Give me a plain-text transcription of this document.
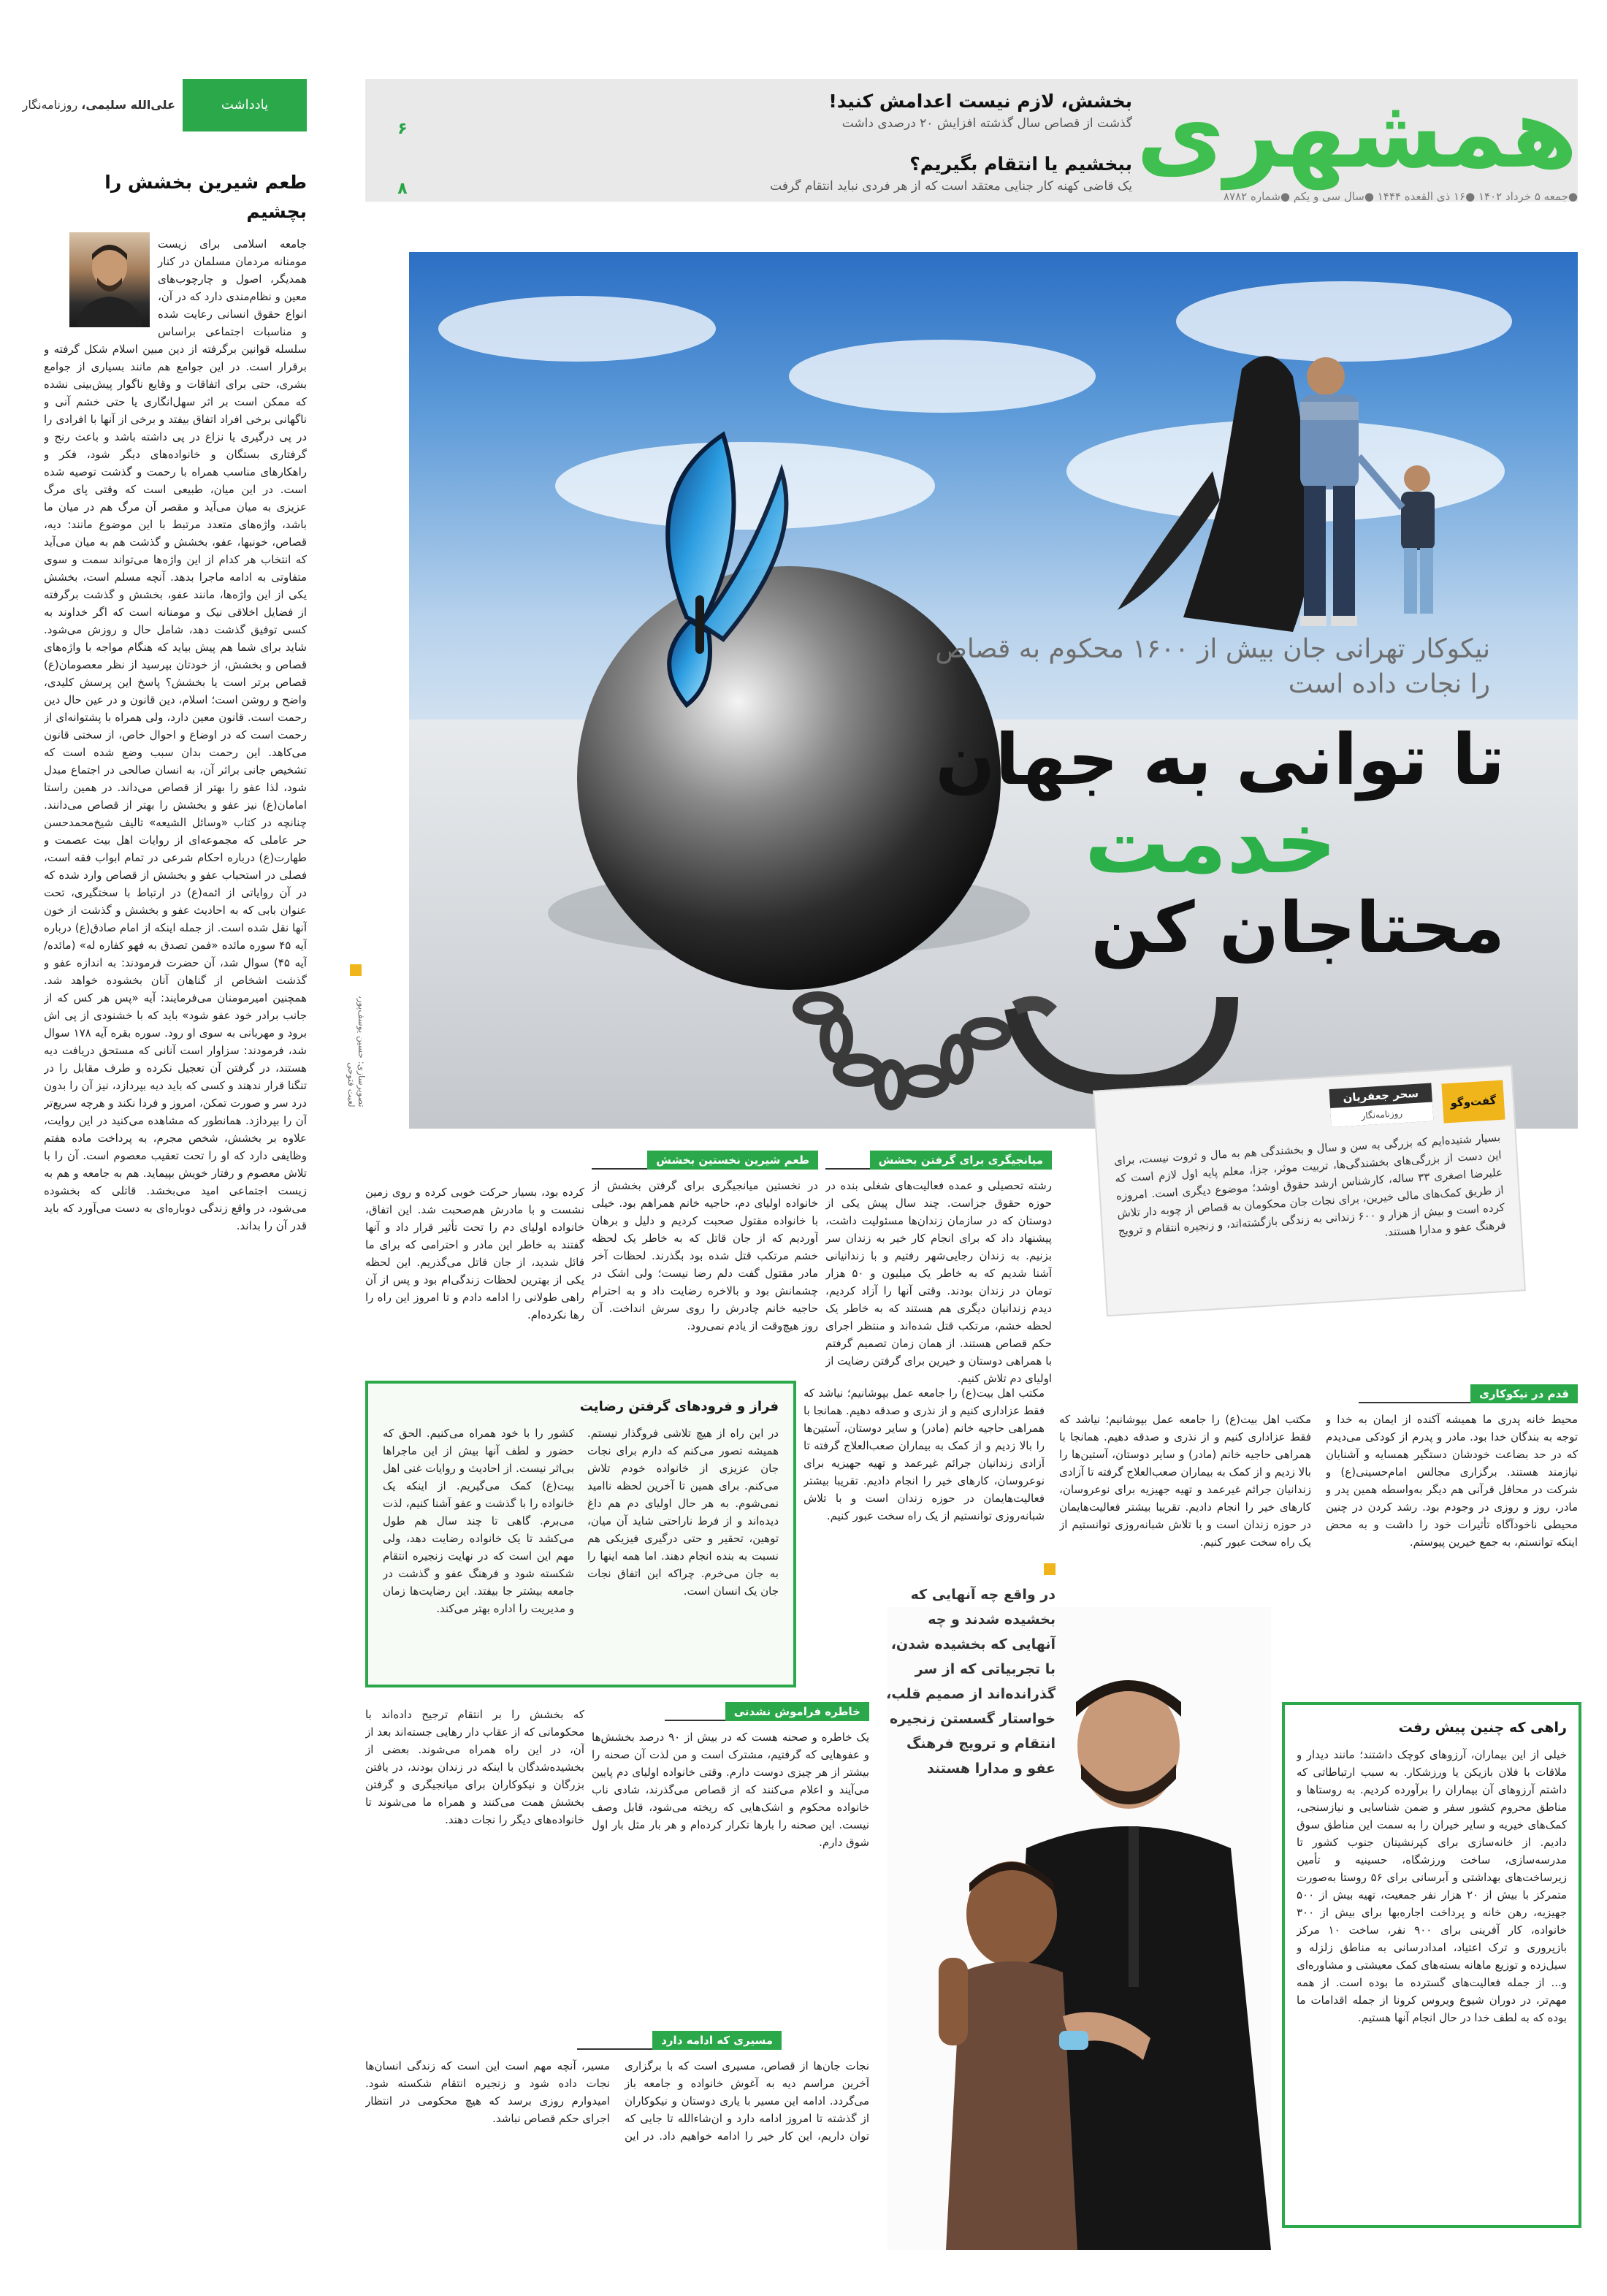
همشهری
●جمعه ۵ خرداد ۱۴۰۲ ●۱۶ ذی القعده ۱۴۴۴ ●سال سی و یکم ●شماره ۸۷۸۲
بخشش، لازم نیست اعدامش کنید!

گذشت از قصاص سال گذشته افزایش ۲۰ درصدی داشت

۶
ببخشیم یا انتقام بگیریم؟

یک قاضی کهنه کار جنایی معتقد است که از هر فردی نباید انتقام گرفت

۸
یادداشت
علی‌الله سلیمی، روزنامه‌نگار
طعم شیرین بخشش را بچشیم
جامعه اسلامی برای زیست مومنانه مردمان مسلمان در کنار همدیگر، اصول و چارچوب‌های معین و نظام‌مندی دارد که در آن، انواع حقوق انسانی رعایت شده و مناسبات اجتماعی براساس سلسله قوانین برگرفته از دین مبین اسلام شکل گرفته و برقرار است. در این جوامع هم مانند بسیاری از جوامع بشری، حتی برای اتفاقات و وقایع ناگوار پیش‌بینی نشده که ممکن است بر اثر سهل‌انگاری یا حتی خشم آنی و ناگهانی برخی افراد اتفاق بیفتد و برخی از آنها با افرادی را در پی درگیری یا نزاع در پی داشته باشد و باعث رنج و گرفتاری بستگان و خانواده‌های دیگر شود، فکر و راهکارهای مناسب همراه با رحمت و گذشت توصیه شده است. در این میان، طبیعی است که وقتی پای مرگ عزیزی به میان می‌آید و مقصر آن مرگ هم در میان ما باشد، واژه‌های متعدد مرتبط با این موضوع مانند: دیه، قصاص، خونبها، عفو، بخشش و گذشت هم به میان می‌آید که انتخاب هر کدام از این واژه‌ها می‌تواند سمت و سوی متفاوتی به ادامه ماجرا بدهد. آنچه مسلم است، بخشش یکی از این واژه‌ها، مانند عفو، بخشش و گذشت برگرفته از فضایل اخلاقی نیک و مومنانه است که اگر خداوند به کسی توفیق گذشت دهد، شامل حال و روزش می‌شود. شاید برای شما هم پیش بیاید که هنگام مواجه با واژه‌های قصاص و بخشش، از خودتان بپرسید از نظر معصومان(ع) قصاص برتر است یا بخشش؟ پاسخ این پرسش کلیدی، واضح و روشن است؛ اسلام، دین قانون و در عین حال دین رحمت است. قانون معین دارد، ولی همراه با پشتوانه‌ای از رحمت است که در اوضاع و احوال خاص، از سختی قانون می‌کاهد. این رحمت بدان سبب وضع شده است که تشخیص جانی براثر آن، به انسان صالحی در اجتماع مبدل شود، لذا عفو را بهتر از قصاص می‌داند. در همین راستا امامان(ع) نیز عفو و بخشش را بهتر از قصاص می‌دانند. چنانچه در کتاب «وسائل الشیعه» تالیف شیخ‌محمد‌حسن حر عاملی که مجموعه‌ای از روایات اهل بیت عصمت و طهارت(ع) درباره احکام شرعی در تمام ابواب فقه است، فصلی در استحباب عفو و بخشش از قصاص وارد شده که در آن روایاتی از ائمه(ع) در ارتباط با سختگیری، تحت عنوان بابی که به احادیث عفو و بخشش و گذشت از خون آنها نقل شده است. از جمله اینکه از امام صادق(ع) درباره آیه ۴۵ سوره مائده «فمن تصدق به فهو کفاره له» (مائده/آیه ۴۵) سوال شد، آن حضرت فرمودند: به اندازه عفو و گذشت اشخاص از گناهان آنان بخشوده خواهد شد. همچنین امیرمومنان می‌فرمایند: آیه «پس هر کس که از جانب برادر خود عفو شود» باید که با خشنودی از پی اش برود و مهربانی به سوی او رود. سوره بقره آیه ۱۷۸ سوال شد، فرمودند: سزاوار است آنانی که مستحق دریافت دیه هستند، در گرفتن آن تعجیل نکرده و طرف مقابل را در تنگنا قرار ندهند و کسی که باید دیه بپردازد، نیز آن را بدون درد سر و صورت تمکن، امروز و فردا نکند و هرچه سریع‌تر آن را بپردازد. همانطور که مشاهده می‌کنید در این روایت، علاوه بر بخشش، شخص مجرم، به پرداخت ماده هفتم وظایفی دارد که او را تحت تعقیب معصوم است. آن را با تلاش معصوم و رفتار خویش بپیماید. هم به جامعه و هم به زیست اجتماعی امید می‌بخشد. قاتلی که بخشوده می‌شود، در واقع زندگی دوباره‌ای به دست می‌آورد که باید قدر آن را بداند.
تصویرسازی: حسین یوسف‌پور، لعبت فتوحی
نیکوکار تهرانی جان بیش از ۱۶۰۰ محکوم به قصاص را نجات داده است
تا توانی به جهان
خدمت
محتاجان کن
گفت‌وگو
سحر جعفریان
روزنامه‌نگار
بسیار شنیده‌ایم که بزرگی به سن و سال و بخشندگی هم به مال و ثروت نیست، برای این دست از بزرگی‌های بخشندگی‌ها، تربیت موثر، جزا، معلم پایه اول لازم است که علیرضا اصغری ۳۳ ساله، کارشناس ارشد حقوق اوشد؛ موضوع دیگری است. امروزه از طریق کمک‌های مالی خیرین، برای نجات جان محکومان به قصاص از چوبه دار تلاش کرده است و بیش از هزار و ۶۰۰ زندانی به زندگی بازگشته‌اند، و زنجیره انتقام و ترویج فرهنگ عفو و مدارا هستند.
میانجیگری برای گرفتن بخشش
رشته تحصیلی و عمده فعالیت‌های شغلی بنده در حوزه حقوق جزاست. چند سال پیش یکی از دوستان که در سازمان زندان‌ها مسئولیت داشت، پیشنهاد داد که برای انجام کار خیر به زندان سر بزنیم. به زندان رجایی‌شهر رفتیم و با زندانیانی آشنا شدیم که به خاطر یک میلیون و ۵۰ هزار تومان در زندان بودند. وقتی آنها را آزاد کردیم، دیدم زندانیان دیگری هم هستند که به خاطر یک لحظه خشم، مرتکب قتل شده‌اند و منتظر اجرای حکم قصاص هستند. از همان زمان تصمیم گرفتم با همراهی دوستان و خیرین برای گرفتن رضایت از اولیای دم تلاش کنیم.
طعم شیرین نخستین بخشش
در نخستین میانجیگری برای گرفتن بخشش از خانواده اولیای دم، حاجیه خانم همراهم بود. خیلی با خانواده مقتول صحبت کردیم و دلیل و برهان آوردیم که از جان قاتل که به خاطر یک لحظه خشم مرتکب قتل شده بود بگذرند. لحظات آخر مادر مقتول گفت دلم رضا نیست؛ ولی اشک در چشمانش بود و بالاخره رضایت داد و به احترام حاجیه خانم چادرش را روی سرش انداخت. آن روز هیچ‌وقت از یادم نمی‌رود.
کرده بود، بسیار حرکت خوبی کرده و روی زمین نشست و با مادرش هم‌صحبت شد. این اتفاق، خانواده اولیای دم را تحت تأثیر قرار داد و آنها گفتند به خاطر این مادر و احترامی که برای ما قائل شدید، از جان قاتل می‌گذریم. این لحظه یکی از بهترین لحظات زندگی‌ام بود و پس از آن راهی طولانی را ادامه دادم و تا امروز این راه را رها نکرده‌ام.
فراز و فرودهای گرفتن رضایت
در این راه از هیچ تلاشی فروگذار نیستم. همیشه تصور می‌کنم که دارم برای نجات جان عزیزی از خانواده خودم تلاش می‌کنم. برای همین تا آخرین لحظه ناامید نمی‌شوم. به هر حال اولیای دم هم داغ دیده‌اند و از فرط ناراحتی شاید آن میان، توهین، تحقیر و حتی درگیری فیزیکی هم نسبت به بنده انجام دهند. اما همه اینها را به جان می‌خرم. چراکه این اتفاق نجات جان یک انسان است.
کشور را با خود همراه می‌کنیم. الحق که حضور و لطف آنها بیش از این ماجراها بی‌اثر نیست. از احادیث و روایات غنی اهل بیت(ع) کمک می‌گیریم. از اینکه یک خانواده را با گذشت و عفو آشنا کنیم، لذت می‌برم. گاهی تا چند سال هم طول می‌کشد تا یک خانواده رضایت دهد، ولی مهم این است که در نهایت زنجیره انتقام شکسته شود و فرهنگ عفو و گذشت در جامعه بیشتر جا بیفتد. این رضایت‌ها زمان و مدیریت را اداره بهتر می‌کند.
مکتب اهل بیت(ع) را جامعه عمل بپوشانیم؛ نیاشد که فقط عزاداری کنیم و از نذری و صدقه دهیم. همانجا با همراهی حاجیه خانم (مادر) و سایر دوستان، آستین‌ها را بالا زدیم و از کمک به بیماران صعب‌العلاج گرفته تا آزادی زندانیان جرائم غیرعمد و تهیه جهیزیه برای نوعروسان، کارهای خیر را انجام دادیم. تقریبا بیشتر فعالیت‌هایمان در حوزه زندان است و با تلاش شبانه‌روزی توانستیم از یک راه سخت عبور کنیم.
قدم در نیکوکاری
محیط خانه پدری ما همیشه آکنده از ایمان به خدا و توجه به بندگان خدا بود. مادر و پدرم از کودکی می‌دیدم که در حد بضاعت خودشان دستگیر همسایه و آشنایان نیازمند هستند. برگزاری مجالس امام‌حسینی(ع) و شرکت در محافل قرآنی هم دیگر به‌واسطه همین پدر و مادر، روز و روزی در وجودم بود. رشد کردن در چنین محیطی ناخودآگاه تأثیرات خود را داشت و به محض اینکه توانستم، به جمع خیرین پیوستم.
مکتب اهل بیت(ع) را جامعه عمل بپوشانیم؛ نیاشد که فقط عزاداری کنیم و از نذری و صدقه دهیم. همانجا با همراهی حاجیه خانم (مادر) و سایر دوستان، آستین‌ها را بالا زدیم و از کمک به بیماران صعب‌العلاج گرفته تا آزادی زندانیان جرائم غیرعمد و تهیه جهیزیه برای نوعروسان، کارهای خیر را انجام دادیم. تقریبا بیشتر فعالیت‌هایمان در حوزه زندان است و با تلاش شبانه‌روزی توانستیم از یک راه سخت عبور کنیم.
خاطره فراموش نشدنی
یک خاطره و صحنه هست که در بیش از ۹۰ درصد بخشش‌ها و عفوهایی که گرفتیم، مشترک است و من لذت آن صحنه را بیشتر از هر چیزی دوست دارم. وقتی خانواده اولیای دم پایین می‌آیند و اعلام می‌کنند که از قصاص می‌گذرند، شادی ناب خانواده محکوم و اشک‌هایی که ریخته می‌شود، قابل وصف نیست. این صحنه را بارها تکرار کرده‌ام و هر بار مثل بار اول شوق دارم.
که بخشش را بر انتقام ترجیح داده‌اند با محکومانی که از عقاب دار رهایی جسته‌اند بعد از آن، در این راه همراه می‌شوند. بعضی از بخشیده‌شدگان با اینکه در زندان بودند، در یافتن بزرگان و نیکوکاران برای میانجیگری و گرفتن بخشش همت می‌کنند و همراه ما می‌شوند تا خانواده‌های دیگر را نجات دهند.
مسیری که ادامه دارد
نجات جان‌ها از قصاص، مسیری است که با برگزاری آخرین مراسم دیه به آغوش خانواده و جامعه باز می‌گردد. ادامه این مسیر با یاری دوستان و نیکوکاران از گذشته تا امروز ادامه دارد و ان‌شاءالله تا جایی که توان داریم، این کار خیر را ادامه خواهیم داد. در این مسیر، آنچه مهم است این است که زندگی انسان‌ها نجات داده شود و زنجیره انتقام شکسته شود. امیدوارم روزی برسد که هیچ محکومی در انتظار اجرای حکم قصاص نباشد.
در واقع چه آنهایی که بخشیده شدند و چه آنهایی که بخشیده شدن، با تجربیاتی که از سر گذرانده‌اند از صمیم قلب، خواستار گسستن زنجیره انتقام و ترویج فرهنگ عفو و مدارا هستند
راهی که چنین پیش رفت
خیلی از این بیماران، آرزوهای کوچک داشتند؛ مانند دیدار و ملاقات با فلان بازیکن یا ورزشکار. به سبب ارتباطاتی که داشتم آرزوهای آن بیماران را برآورده کردیم. به روستاها و مناطق محروم کشور سفر و ضمن شناسایی و نیازسنجی، کمک‌های خیریه و سایر خیران را به سمت این مناطق سوق دادیم. از خانه‌سازی برای کپرنشینان جنوب کشور تا مدرسه‌سازی، ساخت ورزشگاه، حسینیه و تأمین زیرساخت‌های بهداشتی و آبرسانی برای ۵۶ روستا به‌صورت متمرکز با بیش از ۲۰ هزار نفر جمعیت، تهیه بیش از ۵۰۰ جهیزیه، رهن خانه و پرداخت اجاره‌بها برای بیش از ۳۰۰ خانواده، کار آفرینی برای ۹۰۰ نفر، ساخت ۱۰ مرکز بازپروری و ترک اعتیاد، امدادرسانی به مناطق زلزله و سیل‌زده و توزیع ماهانه بسته‌های کمک معیشتی و مشاوره‌ای و... از جمله فعالیت‌های گسترده ما بوده است. از همه مهم‌تر، در دوران شیوع ویروس کرونا از جمله اقدامات ما بوده که به لطف خدا در حال انجام آنها هستیم.
